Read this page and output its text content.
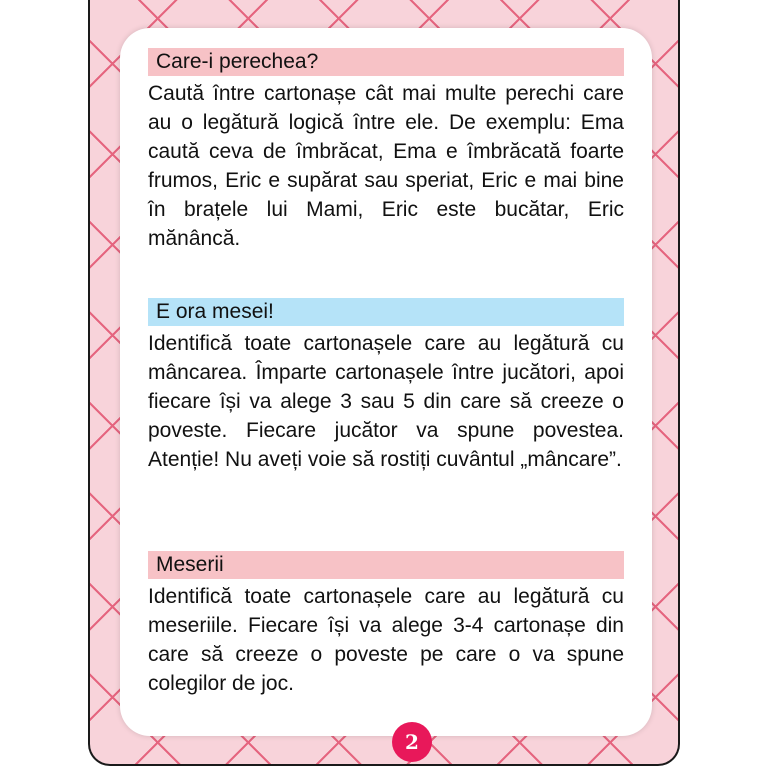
Care-i perechea?

Caută între cartonașe cât mai multe perechi care au o legătură logică între ele. De exemplu: Ema caută ceva de îmbrăcat, Ema e îmbrăcată foarte frumos, Eric e supărat sau speriat, Eric e mai bine în brațele lui Mami, Eric este bucătar, Eric mănâncă.

E ora mesei!

Identifică toate cartonașele care au legătură cu mâncarea. Împarte cartonașele între jucători, apoi fiecare își va alege 3 sau 5 din care să creeze o poveste. Fiecare jucător va spune povestea. Atenție! Nu aveți voie să rostiți cuvântul „mâncare”.

Meserii

Identifică toate cartonașele care au legătură cu meseriile. Fiecare își va alege 3-4 cartonașe din care să creeze o poveste pe care o va spune colegilor de joc.

2
